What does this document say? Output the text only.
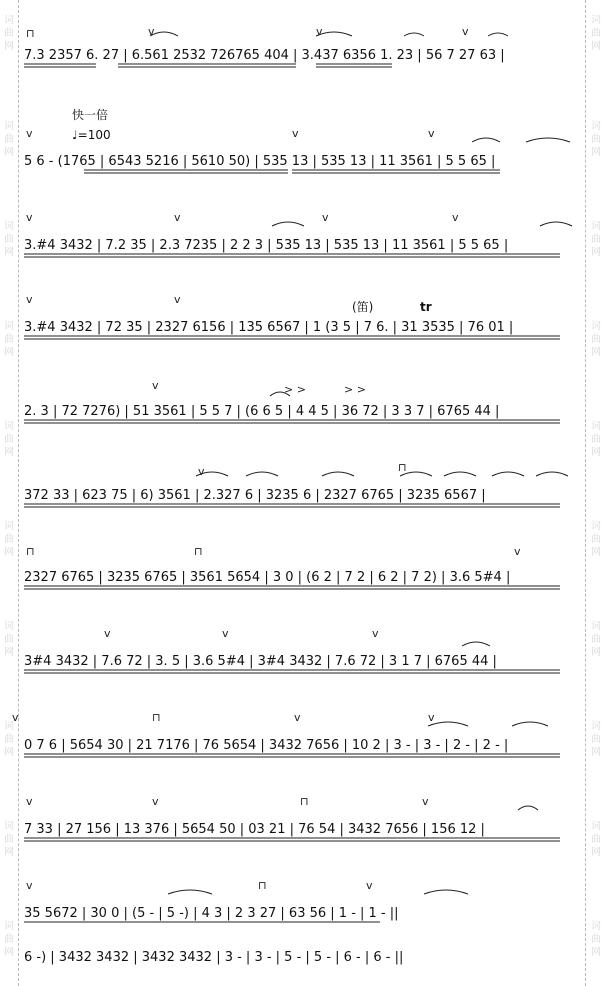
词曲网
词曲网
词曲网
词曲网
词曲网
词曲网
词曲网
词曲网
词曲网
词曲网
词曲网
词曲网
词曲网
词曲网
词曲网
词曲网
词曲网
词曲网
词曲网
词曲网
快一倍
♩=100
(笛)	tr
⊓	v	v	v
v	v	v
v	v	v	v
v	v
v	> >	> >
v	⊓
⊓	⊓	v
v	v	v
v	⊓	v	v
v	v	⊓	v
v	⊓	v
7.3 2357 6. 27 | 6.561 2532 726765 404 | 3.437 6356 1. 23 | 56 7 27 63 |
5 6 - (1765 | 6543 5216 | 5610 50) | 535 13 | 535 13 | 11 3561 | 5 5 65 |
3.#4 3432 | 7.2 35 | 2.3 7235 | 2 2 3 | 535 13 | 535 13 | 11 3561 | 5 5 65 |
3.#4 3432 | 72 35 | 2327 6156 | 135 6567 | 1 (3 5 | 7 6. | 31 3535 | 76 01 |
2. 3 | 72 7276) | 51 3561 | 5 5 7 | (6 6 5 | 4 4 5 | 36 72 | 3 3 7 | 6765 44 |
372 33 | 623 75 | 6) 3561 | 2.327 6 | 3235 6 | 2327 6765 | 3235 6567 |
2327 6765 | 3235 6765 | 3561 5654 | 3 0 | (6 2 | 7 2 | 6 2 | 7 2) | 3.6 5#4 |
3#4 3432 | 7.6 72 | 3. 5 | 3.6 5#4 | 3#4 3432 | 7.6 72 | 3 1 7 | 6765 44 |
0 7 6 | 5654 30 | 21 7176 | 76 5654 | 3432 7656 | 10 2 | 3 - | 3 - | 2 - | 2 - |
7 33 | 27 156 | 13 376 | 5654 50 | 03 21 | 76 54 | 3432 7656 | 156 12 |
35 5672 | 30 0 | (5 - | 5 -) | 4 3 | 2 3 27 | 63 56 | 1 - | 1 - ||
6 -) | 3432 3432 | 3432 3432 | 3 - | 3 - | 5 - | 5 - | 6 - | 6 - ||
